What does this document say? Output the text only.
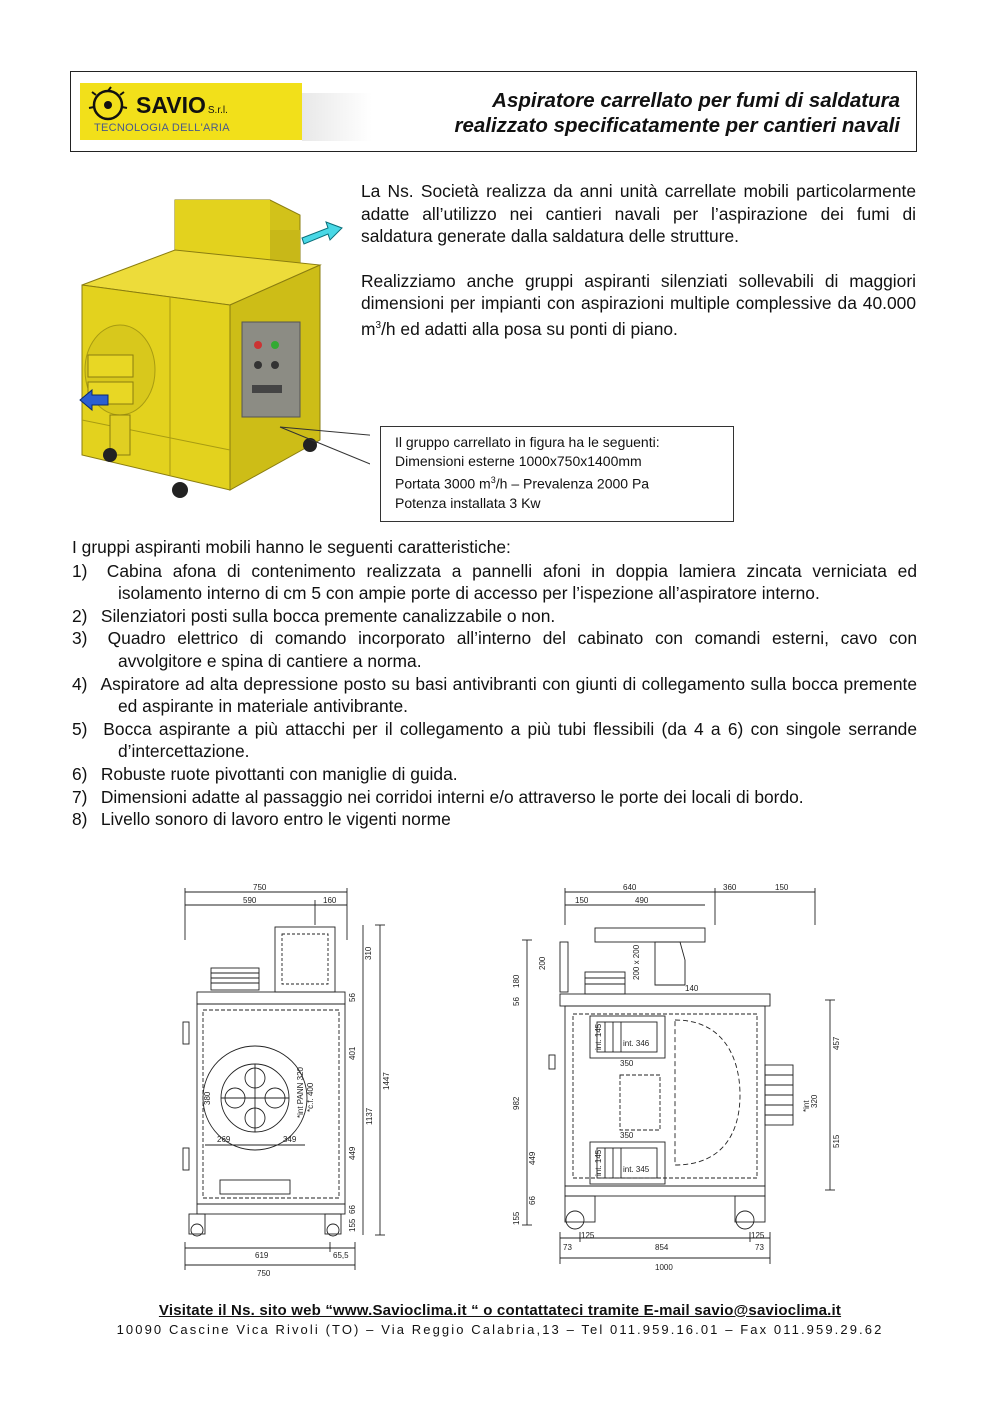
SAVIO S.r.l.
TECNOLOGIA DELL'ARIA
Aspiratore carrellato per fumi di saldatura
realizzato specificatamente per cantieri navali

La Ns. Società realizza da anni unità carrellate mobili particolarmente adatte all’utilizzo nei cantieri navali per l’aspirazione dei fumi di saldatura generate dalla saldatura delle strutture.

Realizziamo anche gruppi aspiranti silenziati sollevabili di maggiori dimensioni per impianti con aspirazioni multiple complessive da 40.000 $m^3/h$ ed adatti alla posa su ponti di piano.

Il gruppo carrellato in figura ha le seguenti:
Dimensioni esterne 1000x750x1400mm
Portata 3000 $m^3/h$ – Prevalenza 2000 Pa
Potenza installata 3 Kw
I gruppi aspiranti mobili hanno le seguenti caratteristiche:
1) Cabina afona di contenimento realizzata a pannelli afoni in doppia lamiera zincata verniciata ed isolamento interno di cm 5 con ampie porte di accesso per l’ispezione all’aspiratore interno.
2) Silenziatori posti sulla bocca premente canalizzabile o non.
3) Quadro elettrico di comando incorporato all’interno del cabinato con comandi esterni, cavo con avvolgitore e spina di cantiere a norma.
4) Aspiratore ad alta depressione posto su basi antivibranti con giunti di collegamento sulla bocca premente ed aspirante in materiale antivibrante.
5) Bocca aspirante a più attacchi per il collegamento a più tubi flessibili (da 4 a 6) con singole serrande d’intercettazione.
6) Robuste ruote pivottanti con maniglie di guida.
7) Dimensioni adatte al passaggio nei corridoi interni e/o attraverso le porte dei locali di bordo.
8) Livello sonoro di lavoro entro le vigenti norme
750
590	160
310
56
401
1447
1137
449
66
155
269	349
619	65,5
750
380	*int PANN 320 *c.f. 400
640	360
150	490
150
180
200	200 x 200
56
140
457
982
449
320
*int
515
66
155
73	854	73
1000
125	125
350
350
int. 346
int. 345
int. 145
int. 145
Visitate il Ns. sito web “www.Savioclima.it “ o contattateci tramite E-mail savio@savioclima.it
10090 Cascine Vica Rivoli (TO) – Via Reggio Calabria,13 – Tel 011.959.16.01 – Fax 011.959.29.62
